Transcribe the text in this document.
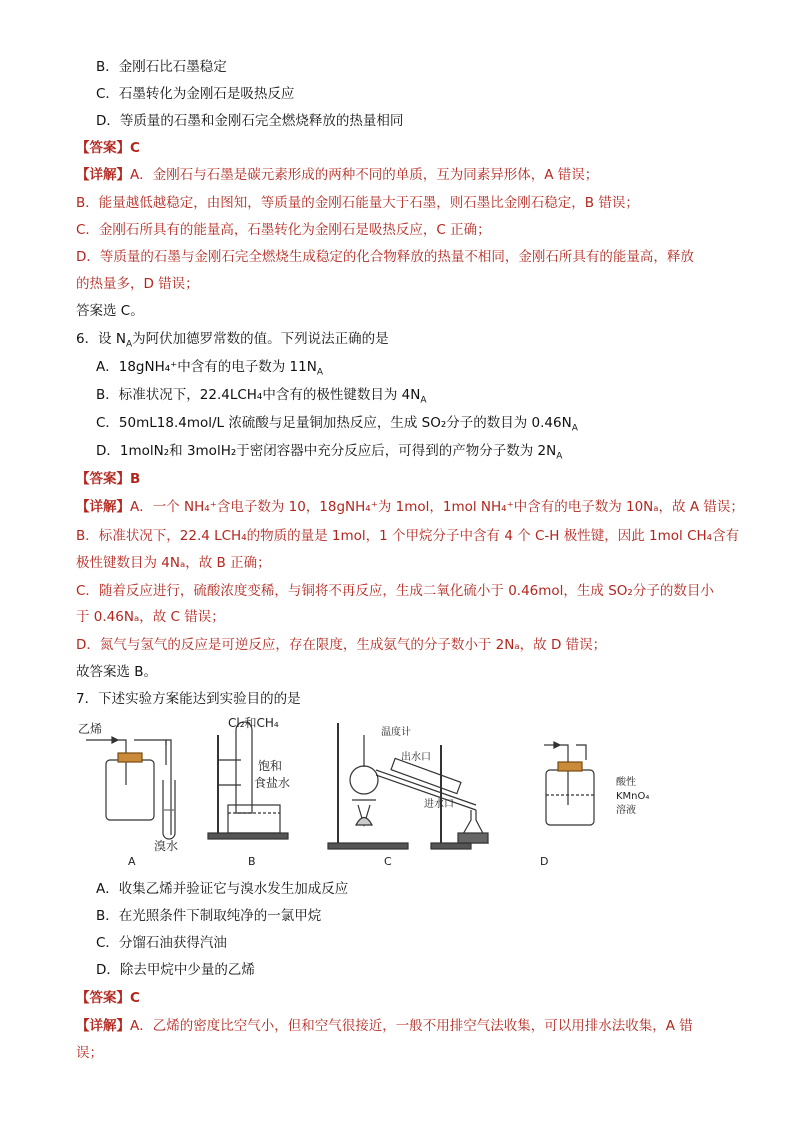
B．金刚石比石墨稳定
C．石墨转化为金刚石是吸热反应
D．等质量的石墨和金刚石完全燃烧释放的热量相同
【答案】C
【详解】A．金刚石与石墨是碳元素形成的两种不同的单质，互为同素异形体，A 错误；
B．能量越低越稳定，由图知，等质量的金刚石能量大于石墨，则石墨比金刚石稳定，B 错误；
C．金刚石所具有的能量高，石墨转化为金刚石是吸热反应，C 正确；
D．等质量的石墨与金刚石完全燃烧生成稳定的化合物释放的热量不相同，金刚石所具有的能量高，释放
的热量多，D 错误；
答案选 C。
6．设 $N_A$为阿伏加德罗常数的值。下列说法正确的是
A．18gNH₄⁺中含有的电子数为 $11N_A$
B．标准状况下，22.4LCH₄中含有的极性键数目为 $4N_A$
C．50mL18.4mol/L 浓硫酸与足量铜加热反应，生成 SO₂分子的数目为 $0.46N_A$
D．1molN₂和 3molH₂于密闭容器中充分反应后，可得到的产物分子数为 $2N_A$
【答案】B
【详解】A．一个 NH₄⁺含电子数为 10，18gNH₄⁺为 1mol，1mol NH₄⁺中含有的电子数为 10Nₐ，故 A 错误；
B．标准状况下，22.4 LCH₄的物质的量是 1mol，1 个甲烷分子中含有 4 个 C-H 极性键，因此 1mol CH₄含有
极性键数目为 4Nₐ，故 B 正确；
C．随着反应进行，硫酸浓度变稀，与铜将不再反应，生成二氧化硫小于 0.46mol，生成 SO₂分子的数目小
于 0.46Nₐ，故 C 错误；
D．氮气与氢气的反应是可逆反应，存在限度，生成氨气的分子数小于 2Nₐ，故 D 错误；
故答案选 B。
7．下述实验方案能达到实验目的的是
乙烯
溴水
Cl₂和CH₄
饱和
食盐水
温度计
出水口
进水口
酸性
KMnO₄
溶液
A	B	C	D
A．收集乙烯并验证它与溴水发生加成反应
B．在光照条件下制取纯净的一氯甲烷
C．分馏石油获得汽油
D．除去甲烷中少量的乙烯
【答案】C
【详解】A．乙烯的密度比空气小，但和空气很接近，一般不用排空气法收集，可以用排水法收集，A 错
误；
